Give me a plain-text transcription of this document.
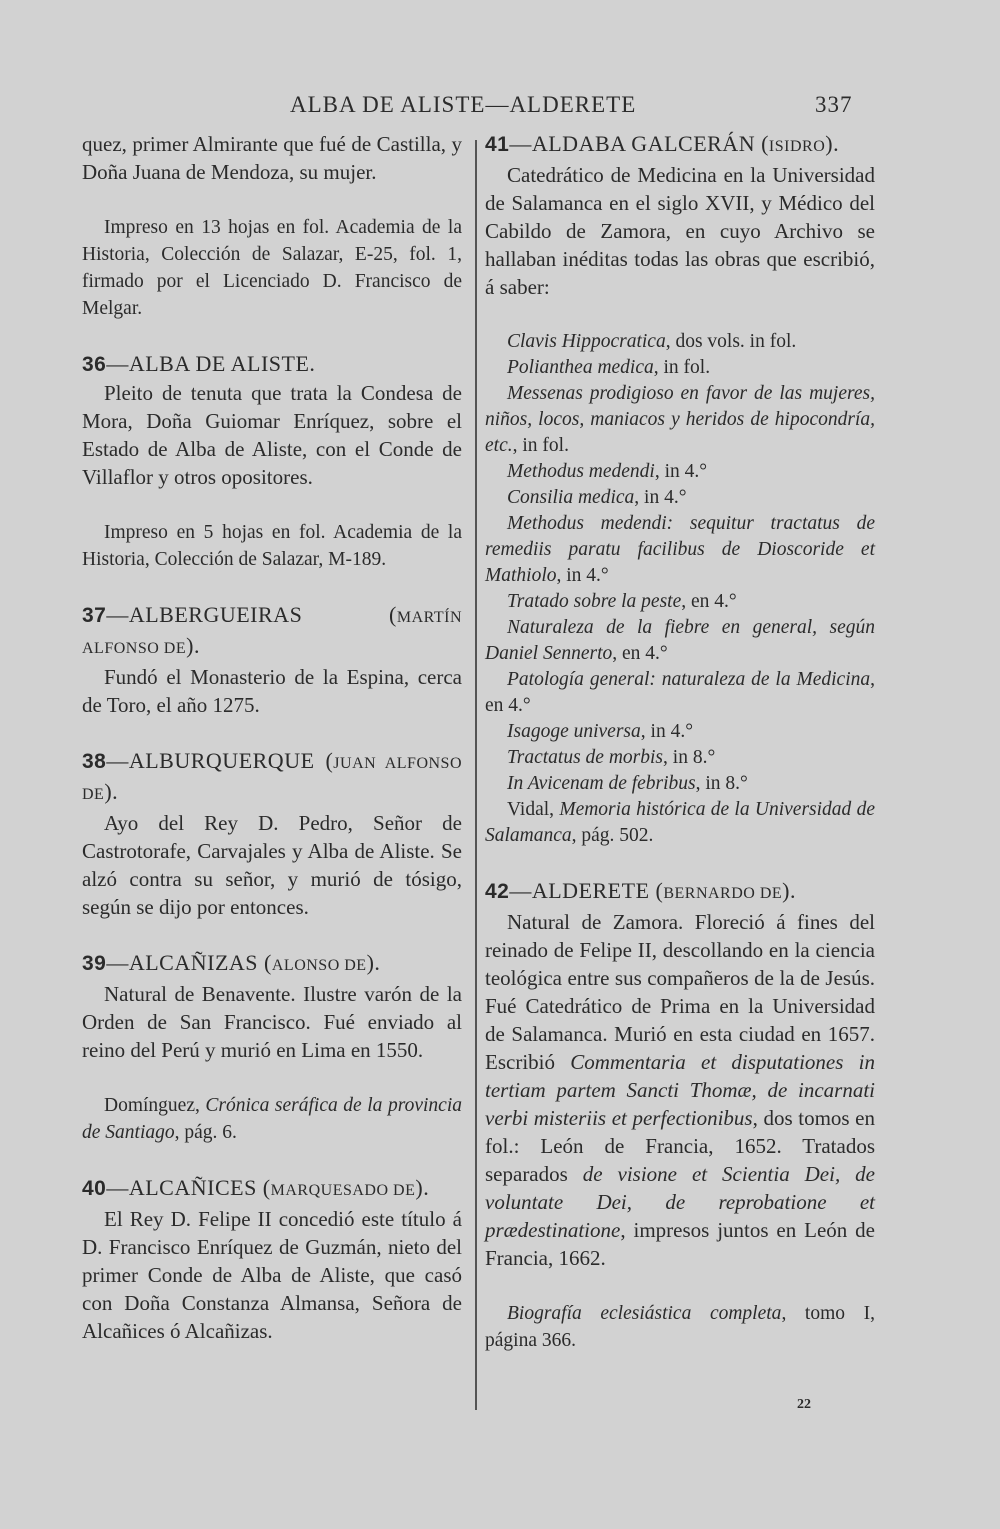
ALBA DE ALISTE—ALDERETE	337

quez, primer Almirante que fué de Castilla, y Doña Juana de Mendoza, su mujer.

Impreso en 13 hojas en fol. Academia de la Historia, Colección de Salazar, E-25, fol. 1, firmado por el Licenciado D. Francisco de Melgar.

36—ALBA DE ALISTE.

Pleito de tenuta que trata la Condesa de Mora, Doña Guiomar Enríquez, sobre el Estado de Alba de Aliste, con el Conde de Villaflor y otros opositores.

Impreso en 5 hojas en fol. Academia de la Historia, Colección de Salazar, M-189.

37—ALBERGUEIRAS (MARTÍN ALFONSO DE).

Fundó el Monasterio de la Espina, cerca de Toro, el año 1275.

38—ALBURQUERQUE (JUAN ALFONSO DE).

Ayo del Rey D. Pedro, Señor de Castrotorafe, Carvajales y Alba de Aliste. Se alzó contra su señor, y murió de tósigo, según se dijo por entonces.

39—ALCAÑIZAS (ALONSO DE).

Natural de Benavente. Ilustre varón de la Orden de San Francisco. Fué enviado al reino del Perú y murió en Lima en 1550.

Domínguez, Crónica seráfica de la provincia de Santiago, pág. 6.

40—ALCAÑICES (MARQUESADO DE).

El Rey D. Felipe II concedió este título á D. Francisco Enríquez de Guzmán, nieto del primer Conde de Alba de Aliste, que casó con Doña Constanza Almansa, Señora de Alcañices ó Alcañizas.

41—ALDABA GALCERÁN (ISIDRO).

Catedrático de Medicina en la Universidad de Salamanca en el siglo XVII, y Médico del Cabildo de Zamora, en cuyo Archivo se hallaban inéditas todas las obras que escribió, á saber:

Clavis Hippocratica, dos vols. in fol.

Polianthea medica, in fol.

Messenas prodigioso en favor de las mujeres, niños, locos, maniacos y heridos de hipocondría, etc., in fol.

Methodus medendi, in 4.°

Consilia medica, in 4.°

Methodus medendi: sequitur tractatus de remediis paratu facilibus de Dioscoride et Mathiolo, in 4.°

Tratado sobre la peste, en 4.°

Naturaleza de la fiebre en general, según Daniel Sennerto, en 4.°

Patología general: naturaleza de la Medicina, en 4.°

Isagoge universa, in 4.°

Tractatus de morbis, in 8.°

In Avicenam de febribus, in 8.°

Vidal, Memoria histórica de la Universidad de Salamanca, pág. 502.

42—ALDERETE (BERNARDO DE).

Natural de Zamora. Floreció á fines del reinado de Felipe II, descollando en la ciencia teológica entre sus compañeros de la de Jesús. Fué Catedrático de Prima en la Universidad de Salamanca. Murió en esta ciudad en 1657. Escribió Commentaria et disputationes in tertiam partem Sancti Thomæ, de incarnati verbi misteriis et perfectionibus, dos tomos en fol.: León de Francia, 1652. Tratados separados de visione et Scientia Dei, de voluntate Dei, de reprobatione et prædestinatione, impresos juntos en León de Francia, 1662.

Biografía eclesiástica completa, tomo I, página 366.

22
